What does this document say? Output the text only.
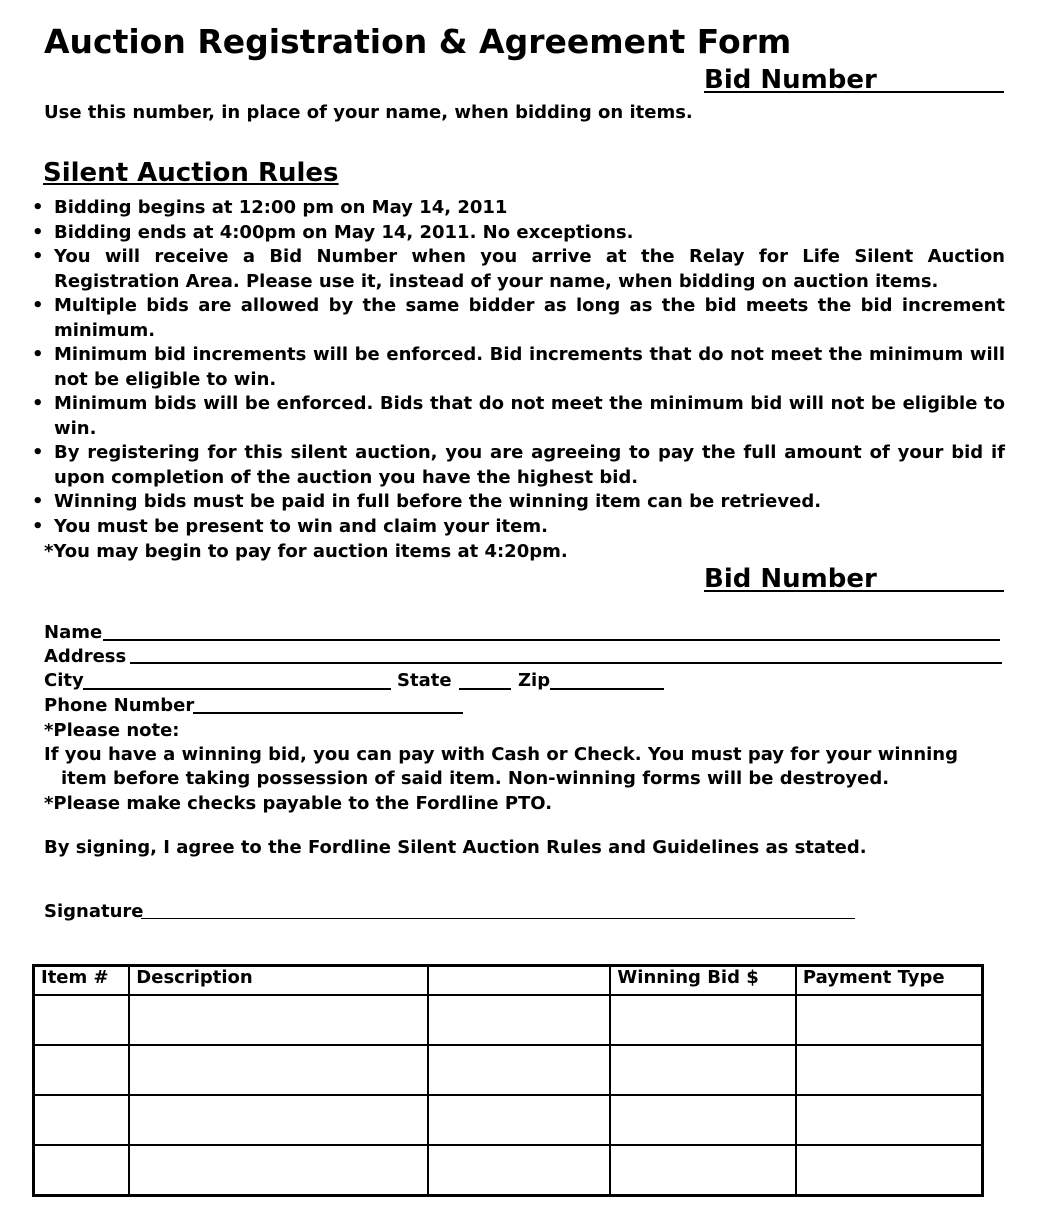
Auction Registration & Agreement Form
Bid Number
Use this number, in place of your name, when bidding on items.
Silent Auction Rules
• Bidding begins at 12:00 pm on May 14, 2011
• Bidding ends at 4:00pm on May 14, 2011. No exceptions.
• You will receive a Bid Number when you arrive at the Relay for Life Silent Auction Registration Area. Please use it, instead of your name, when bidding on auction items.
• Multiple bids are allowed by the same bidder as long as the bid meets the bid increment minimum.
• Minimum bid increments will be enforced. Bid increments that do not meet the minimum will not be eligible to win.
• Minimum bids will be enforced. Bids that do not meet the minimum bid will not be eligible to win.
• By registering for this silent auction, you are agreeing to pay the full amount of your bid if upon completion of the auction you have the highest bid.
• Winning bids must be paid in full before the winning item can be retrieved.
• You must be present to win and claim your item.
*You may begin to pay for auction items at 4:20pm.
Bid Number
Name
Address
City	State	Zip
Phone Number
*Please note:
If you have a winning bid, you can pay with Cash or Check. You must pay for your winning
item before taking possession of said item. Non-winning forms will be destroyed.
*Please make checks payable to the Fordline PTO.
By signing, I agree to the Fordline Silent Auction Rules and Guidelines as stated.
Signature
Item #	Description		Winning Bid $	Payment Type
